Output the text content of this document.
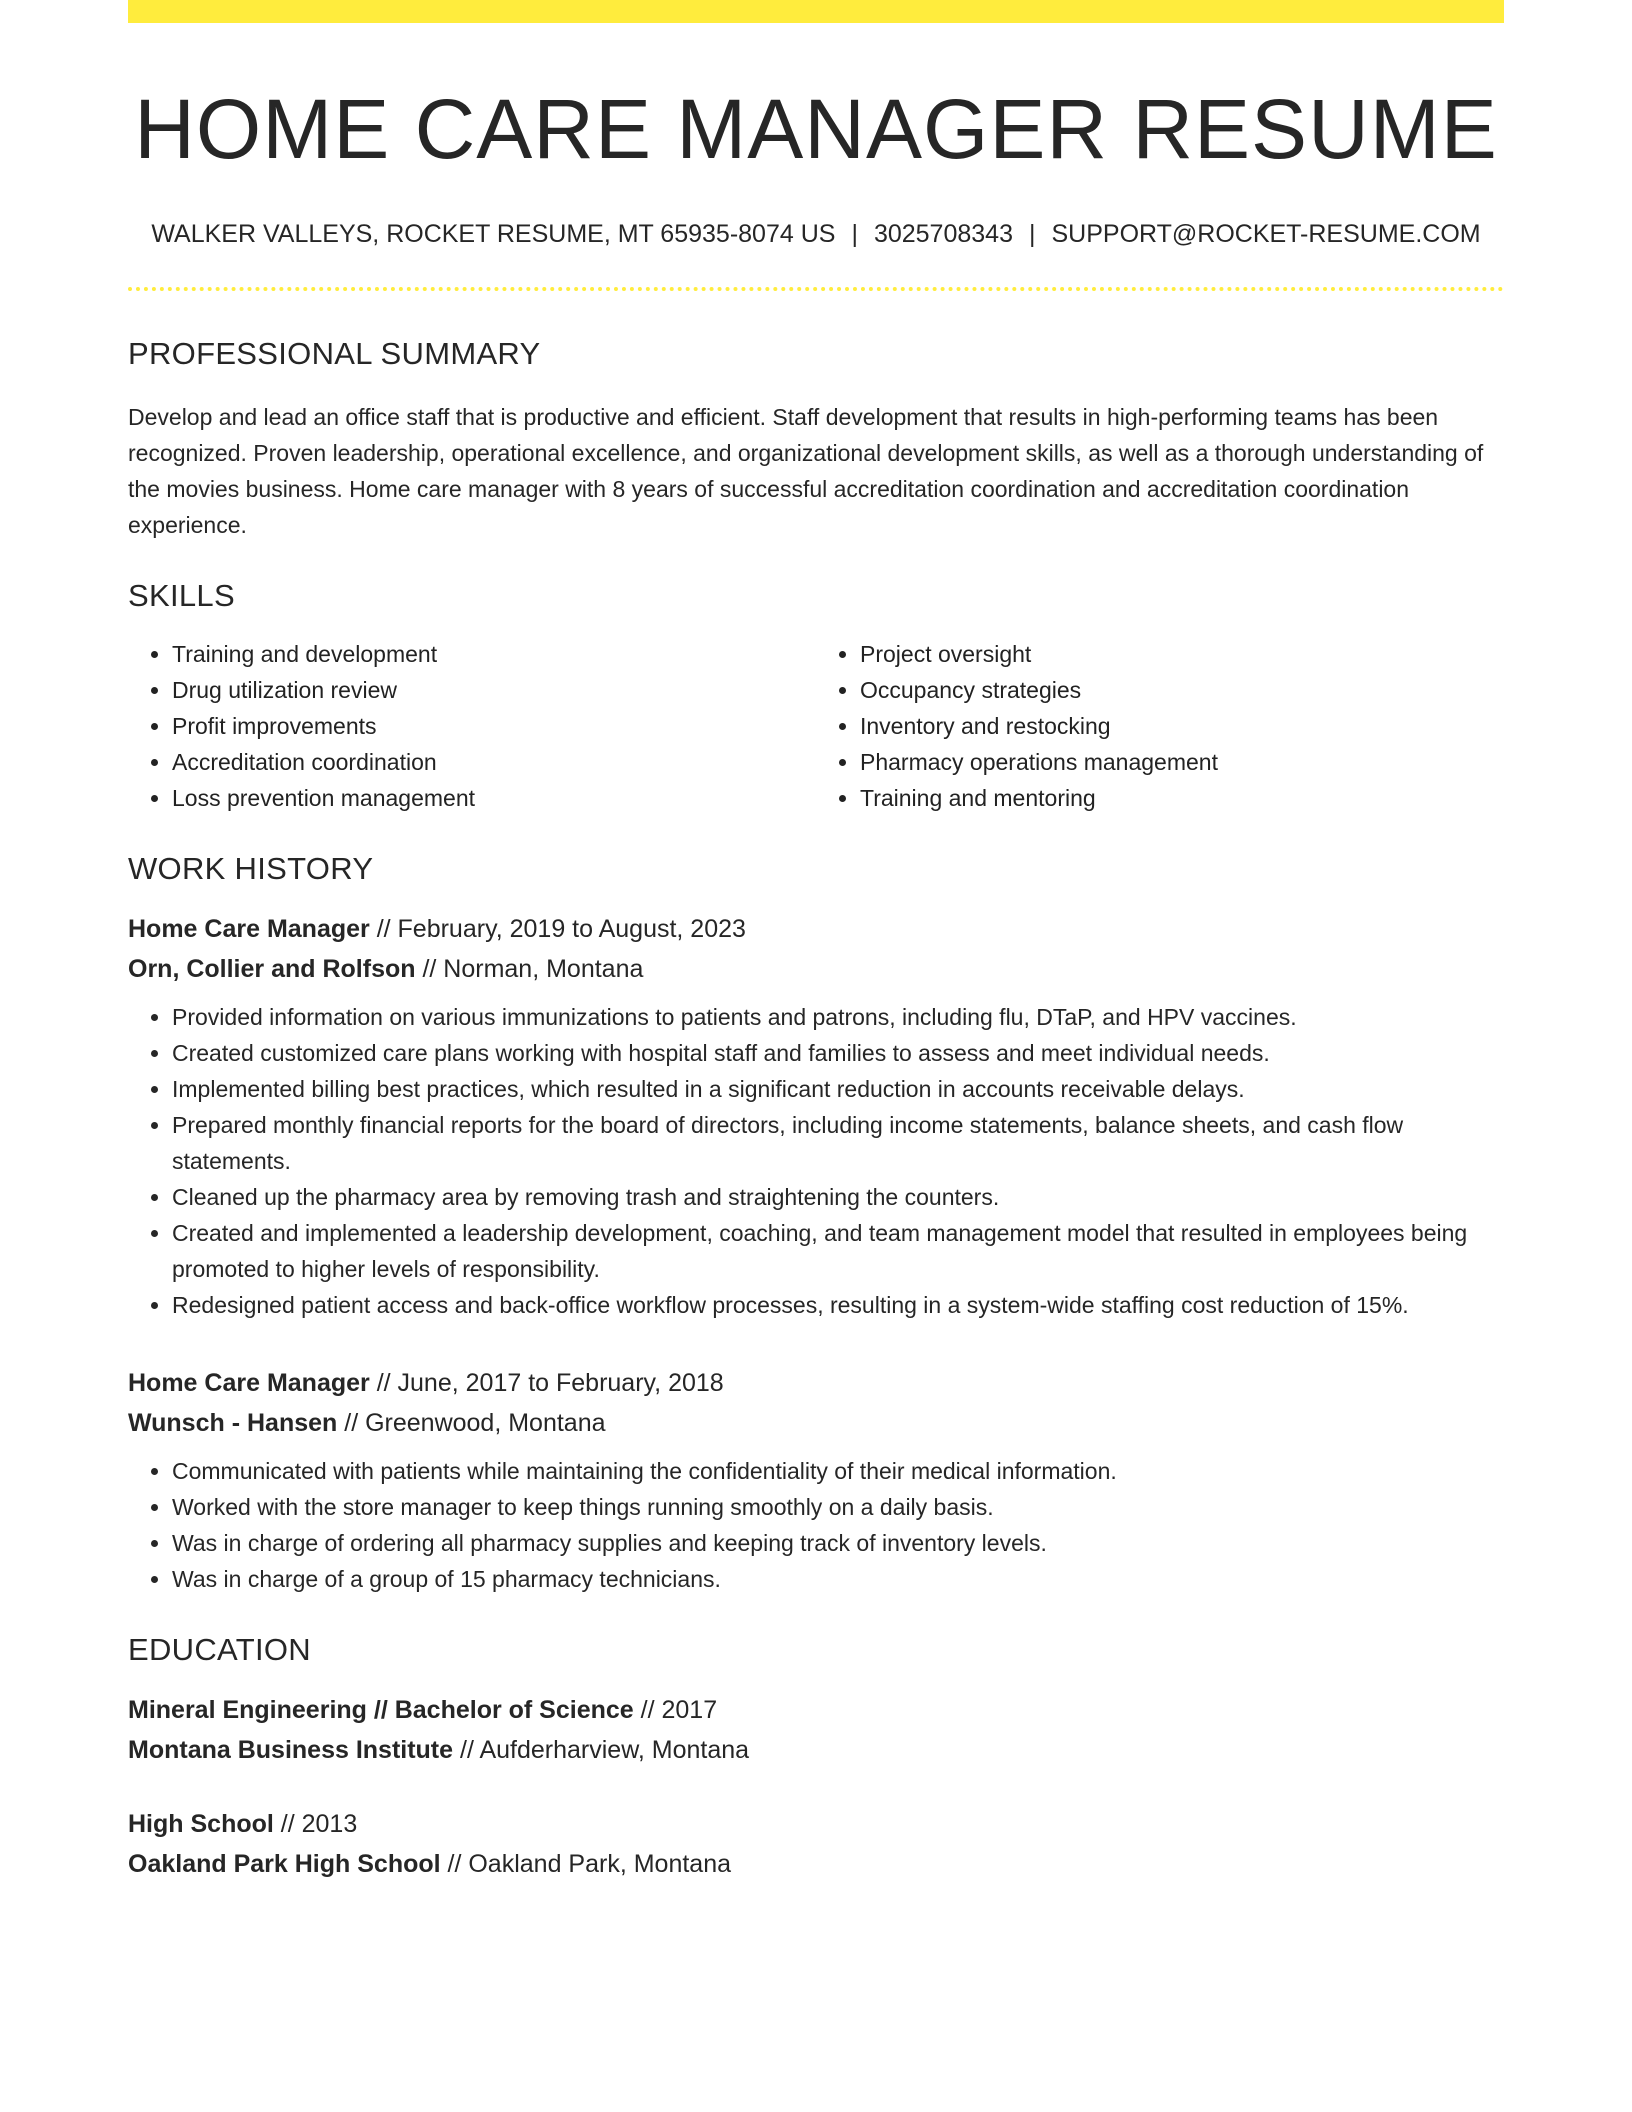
HOME CARE MANAGER RESUME
WALKER VALLEYS, ROCKET RESUME, MT 65935-8074 US | 3025708343 | SUPPORT@ROCKET-RESUME.COM
PROFESSIONAL SUMMARY

Develop and lead an office staff that is productive and efficient. Staff development that results in high-performing teams has been recognized. Proven leadership, operational excellence, and organizational development skills, as well as a thorough understanding of the movies business. Home care manager with 8 years of successful accreditation coordination and accreditation coordination experience.

SKILLS
• Training and development
• Drug utilization review
• Profit improvements
• Accreditation coordination
• Loss prevention management
• Project oversight
• Occupancy strategies
• Inventory and restocking
• Pharmacy operations management
• Training and mentoring
WORK HISTORY
Home Care Manager // February, 2019 to August, 2023
Orn, Collier and Rolfson // Norman, Montana
• Provided information on various immunizations to patients and patrons, including flu, DTaP, and HPV vaccines.
• Created customized care plans working with hospital staff and families to assess and meet individual needs.
• Implemented billing best practices, which resulted in a significant reduction in accounts receivable delays.
• Prepared monthly financial reports for the board of directors, including income statements, balance sheets, and cash flow statements.
• Cleaned up the pharmacy area by removing trash and straightening the counters.
• Created and implemented a leadership development, coaching, and team management model that resulted in employees being promoted to higher levels of responsibility.
• Redesigned patient access and back-office workflow processes, resulting in a system-wide staffing cost reduction of 15%.
Home Care Manager // June, 2017 to February, 2018
Wunsch - Hansen // Greenwood, Montana
• Communicated with patients while maintaining the confidentiality of their medical information.
• Worked with the store manager to keep things running smoothly on a daily basis.
• Was in charge of ordering all pharmacy supplies and keeping track of inventory levels.
• Was in charge of a group of 15 pharmacy technicians.
EDUCATION
Mineral Engineering // Bachelor of Science // 2017
Montana Business Institute // Aufderharview, Montana
High School // 2013
Oakland Park High School // Oakland Park, Montana
